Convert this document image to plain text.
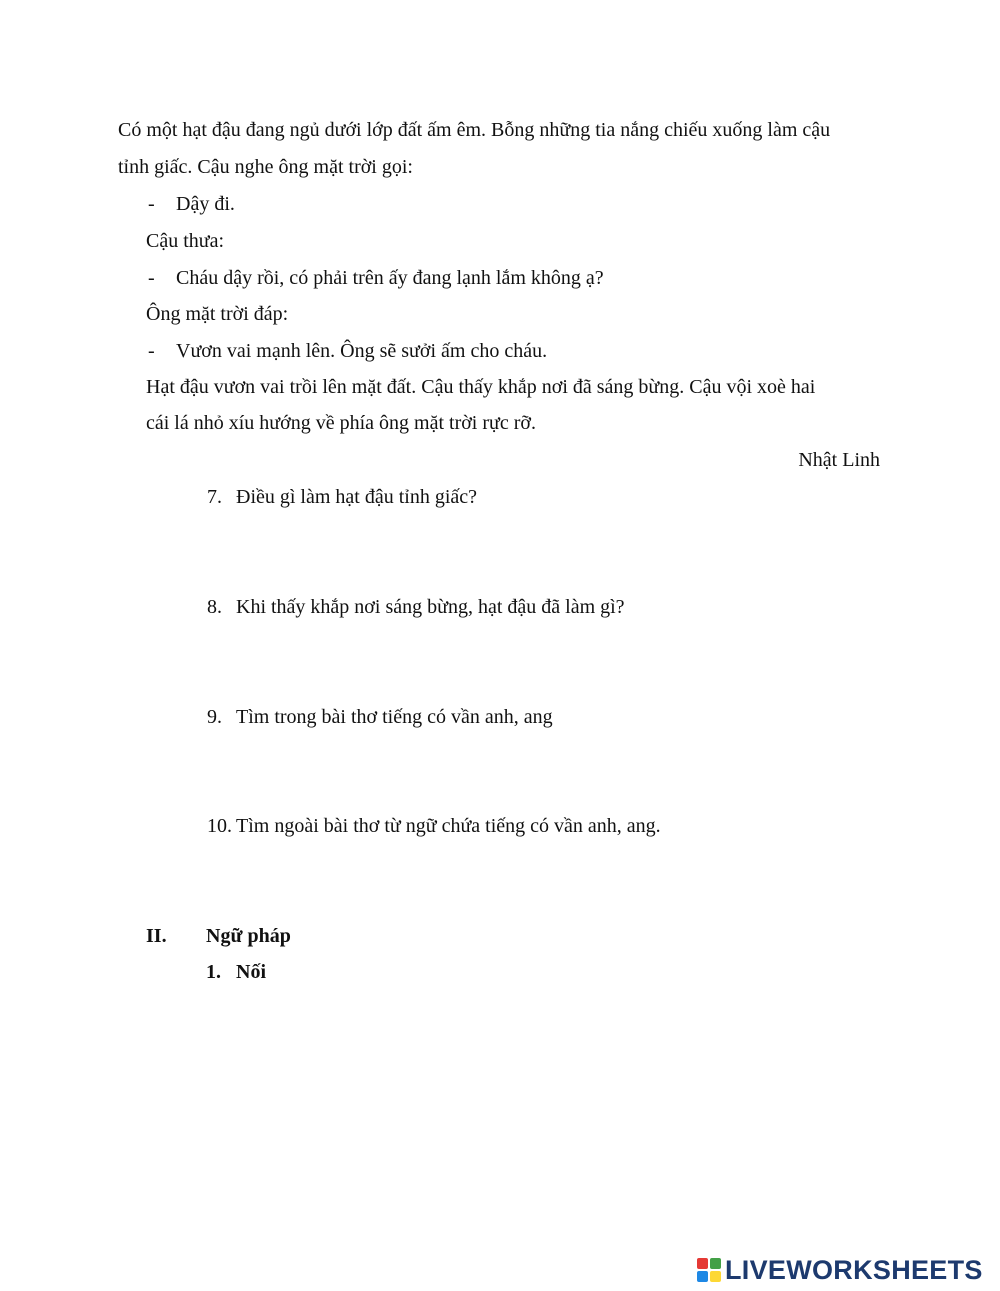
Có một hạt đậu đang ngủ dưới lớp đất ấm êm. Bỗng những tia nắng chiếu xuống làm cậu
tỉnh giấc. Cậu nghe ông mặt trời gọi:
- Dậy đi.
Cậu thưa:
- Cháu dậy rồi, có phải trên ấy đang lạnh lắm không ạ?
Ông mặt trời đáp:
- Vươn vai mạnh lên. Ông sẽ sưởi ấm cho cháu.
Hạt đậu vươn vai trồi lên mặt đất. Cậu thấy khắp nơi đã sáng bừng. Cậu vội xoè hai
cái lá nhỏ xíu hướng về phía ông mặt trời rực rỡ.
Nhật Linh
7. Điều gì làm hạt đậu tỉnh giấc?
8. Khi thấy khắp nơi sáng bừng, hạt đậu đã làm gì?
9. Tìm trong bài thơ tiếng có vần anh, ang
10. Tìm ngoài bài thơ từ ngữ chứa tiếng có vần anh, ang.
II. Ngữ pháp
1. Nối
LIVEWORKSHEETS
